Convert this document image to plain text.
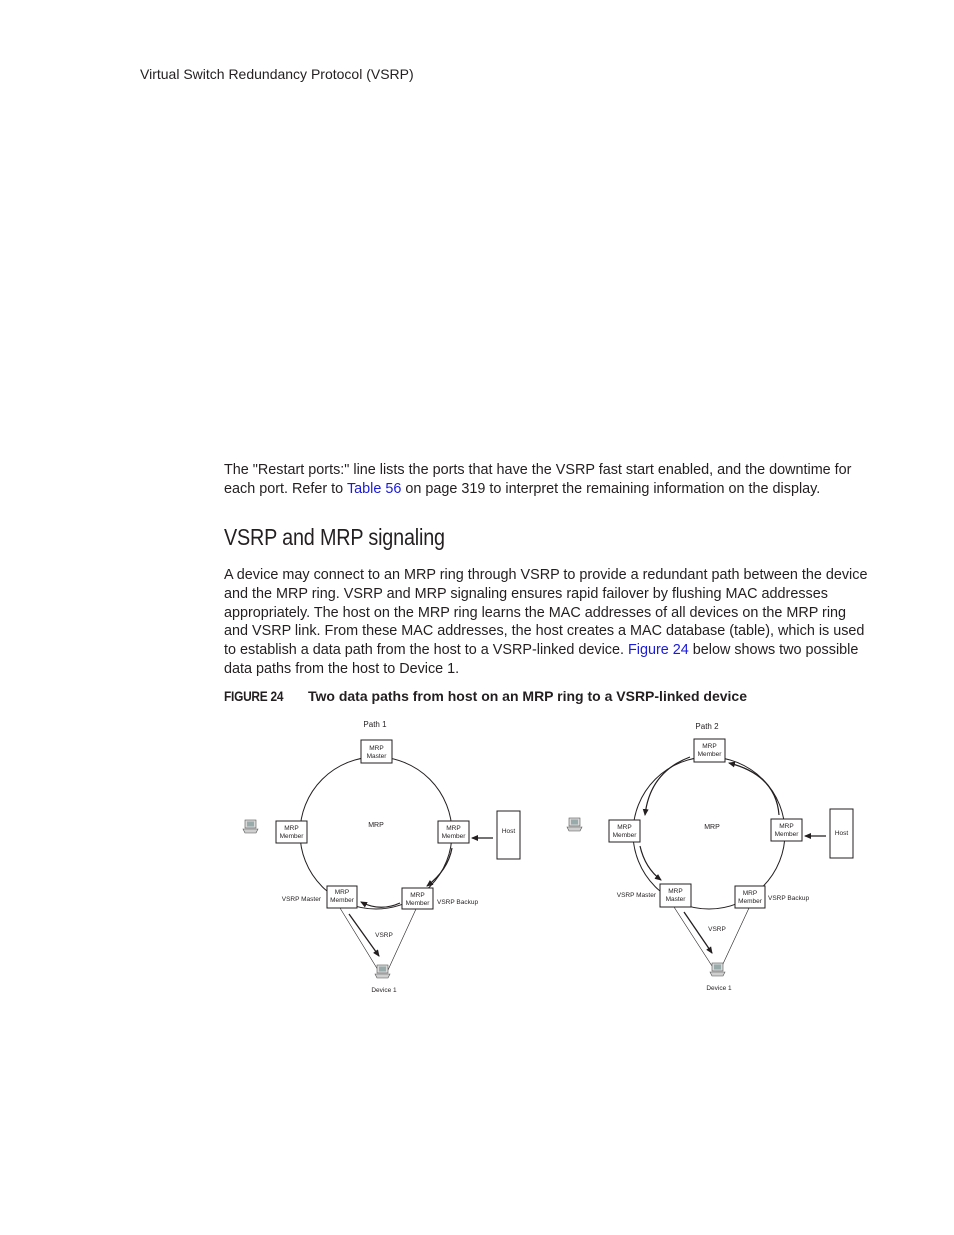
Virtual Switch Redundancy Protocol (VSRP)
The "Restart ports:" line lists the ports that have the VSRP fast start enabled, and the downtime for each port. Refer to Table 56 on page 319 to interpret the remaining information on the display.
VSRP and MRP signaling
A device may connect to an MRP ring through VSRP to provide a redundant path between the device and the MRP ring. VSRP and MRP signaling ensures rapid failover by flushing MAC addresses appropriately. The host on the MRP ring learns the MAC addresses of all devices on the MRP ring and VSRP link. From these MAC addresses, the host creates a MAC database (table), which is used to establish a data path from the host to a VSRP-linked device. Figure 24 below shows two possible data paths from the host to Device 1.
FIGURE 24 Two data paths from host on an MRP ring to a VSRP-linked device
Path 1
MRP
MRP
Master
MRP
Member
MRP
Member
MRP
Member
MRP
Member
Host
VSRP Master	VSRP Backup
VSRP
Device 1
Path 2
MRP
MRP
Member
MRP
Member
MRP
Member
MRP
Master
MRP
Member
Host
VSRP Master	VSRP Backup
VSRP
Device 1
